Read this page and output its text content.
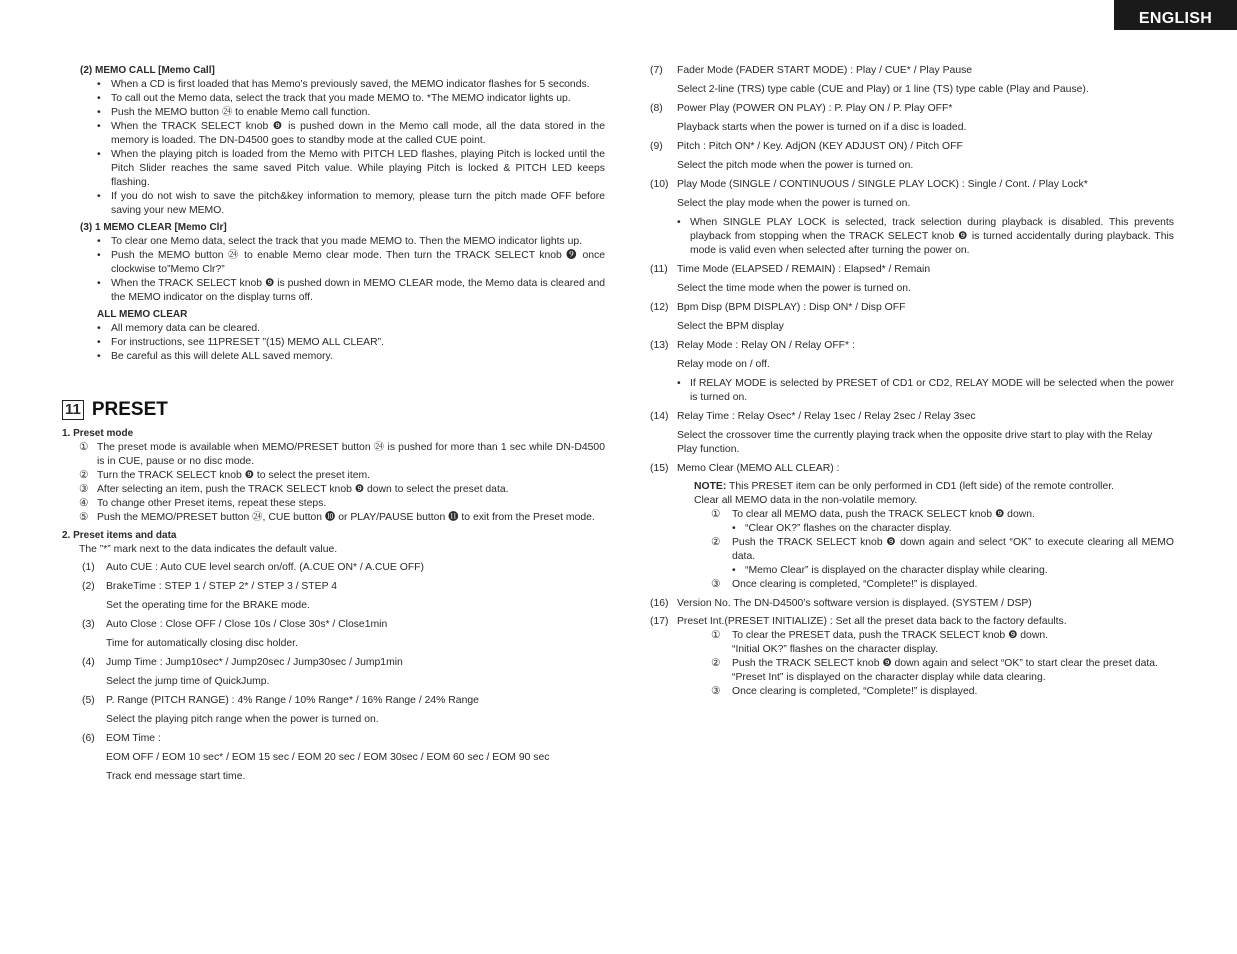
ENGLISH
(2) MEMO CALL [Memo Call]
• When a CD is first loaded that has Memo’s previously saved, the MEMO indicator flashes for 5 seconds.
• To call out the Memo data, select the track that you made MEMO to. *The MEMO indicator lights up.
• Push the MEMO button ㉔ to enable Memo call function.
• When the TRACK SELECT knob ❾ is pushed down in the Memo call mode, all the data stored in the memory is loaded. The DN-D4500 goes to standby mode at the called CUE point.
• When the playing pitch is loaded from the Memo with PITCH LED flashes, playing Pitch is locked until the Pitch Slider reaches the same saved Pitch value. While playing Pitch is locked & PITCH LED keeps flashing.
• If you do not wish to save the pitch&key information to memory, please turn the pitch made OFF before saving your new MEMO.
(3) 1 MEMO CLEAR [Memo Clr]
• To clear one Memo data, select the track that you made MEMO to. Then the MEMO indicator lights up.
• Push the MEMO button ㉔ to enable Memo clear mode. Then turn the TRACK SELECT knob ❾ once clockwise to”Memo Clr?”
• When the TRACK SELECT knob ❾ is pushed down in MEMO CLEAR mode, the Memo data is cleared and the MEMO indicator on the display turns off.
ALL MEMO CLEAR
• All memory data can be cleared.
• For instructions, see 11PRESET ”(15) MEMO ALL CLEAR”.
• Be careful as this will delete ALL saved memory.
11 PRESET
1. Preset mode
① The preset mode is available when MEMO/PRESET button ㉔ is pushed for more than 1 sec while DN-D4500 is in CUE, pause or no disc mode.
② Turn the TRACK SELECT knob ❾ to select the preset item.
③ After selecting an item, push the TRACK SELECT knob ❾ down to select the preset data.
④ To change other Preset items, repeat these steps.
⑤ Push the MEMO/PRESET button ㉔, CUE button ❿ or PLAY/PAUSE button ⓫ to exit from the Preset mode.
2. Preset items and data
The ”*” mark next to the data indicates the default value.
(1)	Auto CUE : Auto CUE level search on/off. (A.CUE ON* / A.CUE OFF)
(2)	BrakeTime : STEP 1 / STEP 2* / STEP 3 / STEP 4
Set the operating time for the BRAKE mode.
(3)	Auto Close : Close OFF / Close 10s / Close 30s* / Close1min
Time for automatically closing disc holder.
(4)	Jump Time : Jump10sec* / Jump20sec / Jump30sec / Jump1min
Select the jump time of QuickJump.
(5)	P. Range (PITCH RANGE) : 4% Range / 10% Range* / 16% Range / 24% Range
Select the playing pitch range when the power is turned on.
(6)	EOM Time :
EOM OFF / EOM 10 sec* / EOM 15 sec / EOM 20 sec / EOM 30sec / EOM 60 sec / EOM 90 sec
Track end message start time.
(7)	Fader Mode (FADER START MODE) : Play / CUE* / Play Pause
Select 2-line (TRS) type cable (CUE and Play) or 1 line (TS) type cable (Play and Pause).
(8)	Power Play (POWER ON PLAY) : P. Play ON / P. Play OFF*
Playback starts when the power is turned on if a disc is loaded.
(9)	Pitch : Pitch ON* / Key. AdjON (KEY ADJUST ON) / Pitch OFF
Select the pitch mode when the power is turned on.
(10) Play Mode (SINGLE / CONTINUOUS / SINGLE PLAY LOCK) : Single / Cont. / Play Lock*
Select the play mode when the power is turned on.
• When SINGLE PLAY LOCK is selected, track selection during playback is disabled. This prevents playback from stopping when the TRACK SELECT knob ❾ is turned accidentally during playback. This mode is valid even when selected after turning the power on.
(11) Time Mode (ELAPSED / REMAIN) : Elapsed* / Remain
Select the time mode when the power is turned on.
(12) Bpm Disp (BPM DISPLAY) : Disp ON* / Disp OFF
Select the BPM display
(13) Relay Mode : Relay ON / Relay OFF* :
Relay mode on / off.
• If RELAY MODE is selected by PRESET of CD1 or CD2, RELAY MODE will be selected when the power is turned on.
(14) Relay Time : Relay Osec* / Relay 1sec / Relay 2sec / Relay 3sec
Select the crossover time the currently playing track when the opposite drive start to play with the Relay Play function.
(15) Memo Clear (MEMO ALL CLEAR) :
NOTE: This PRESET item can be only performed in CD1 (left side) of the remote controller.
Clear all MEMO data in the non-volatile memory.
①	To clear all MEMO data, push the TRACK SELECT knob ❾ down.
• “Clear OK?” flashes on the character display.
②	Push the TRACK SELECT knob ❾ down again and select “OK” to execute clearing all MEMO data.
• “Memo Clear” is displayed on the character display while clearing.
③	Once clearing is completed, “Complete!” is displayed.
(16) Version No. The DN-D4500’s software version is displayed. (SYSTEM / DSP)
(17) Preset Int.(PRESET INITIALIZE) : Set all the preset data back to the factory defaults.
①	To clear the PRESET data, push the TRACK SELECT knob ❾ down.
“Initial OK?” flashes on the character display.
②	Push the TRACK SELECT knob ❾ down again and select “OK” to start clear the preset data.
“Preset Int” is displayed on the character display while data clearing.
③	Once clearing is completed, “Complete!” is displayed.
